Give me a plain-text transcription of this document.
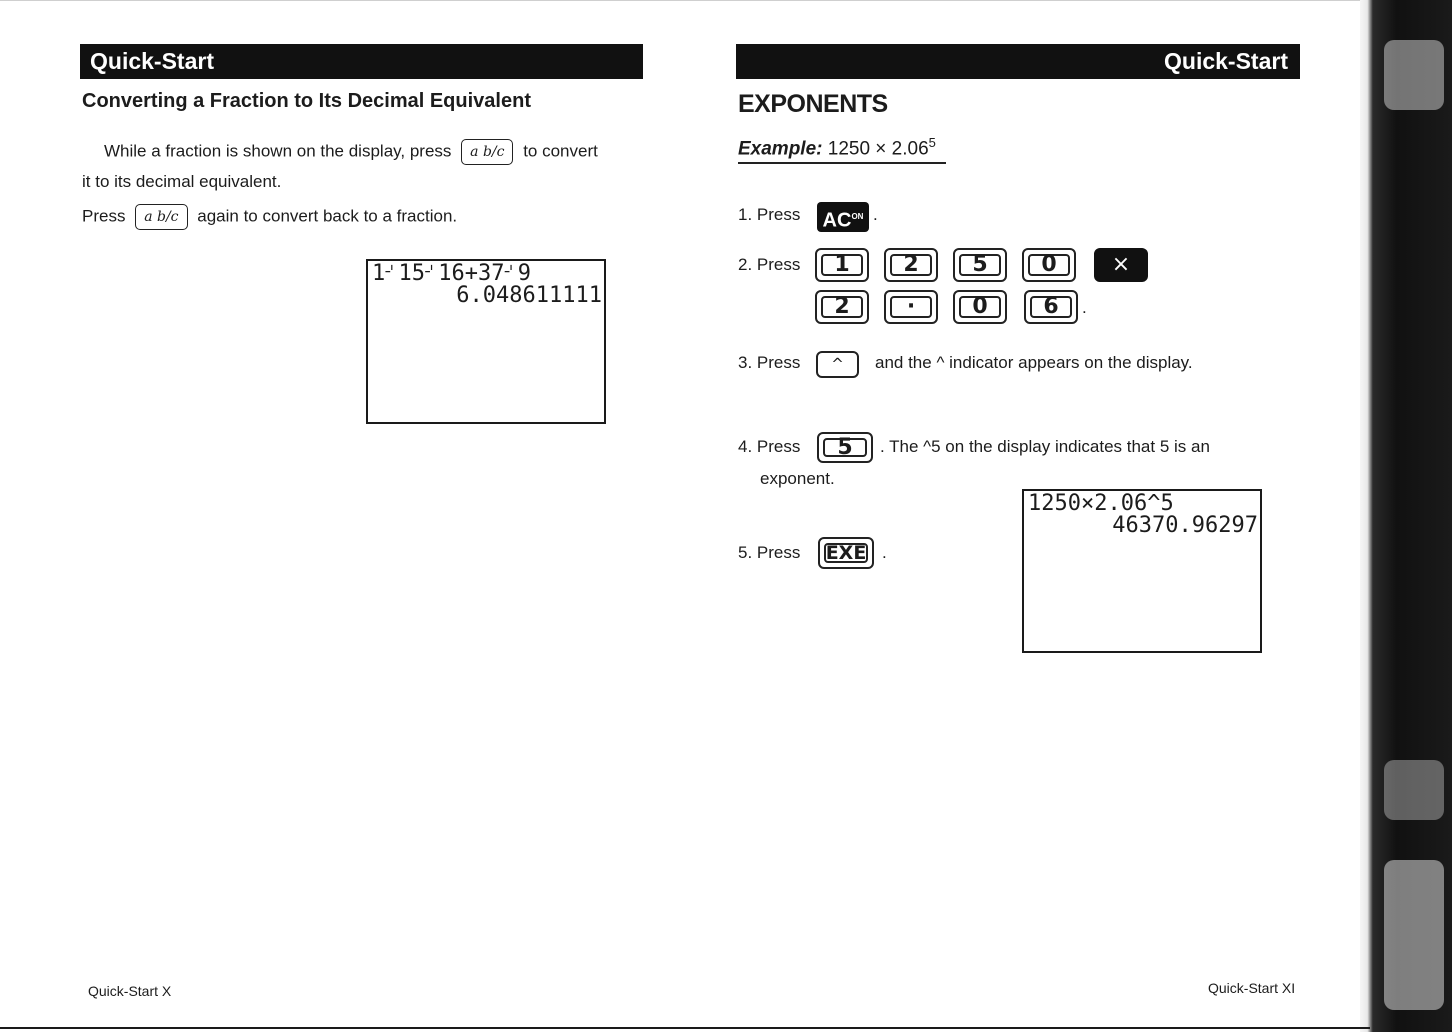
Quick-Start
Converting a Fraction to Its Decimal Equivalent
While a fraction is shown on the display, press a b/c to convert
it to its decimal equivalent.
Press a b/c again to convert back to a fraction.
1⌏15⌏16+37⌏9
6.048611111
Quick-Start X
Quick-Start
EXPONENTS
Example: $1250 \times 2.06^5$
1. Press $AC^{ON}$ .
2. Press	1	2	5	0	×
2	·	0	6	.
3. Press	^	and the ^ indicator appears on the display.
4. Press	5	. The ^5 on the display indicates that 5 is an
exponent.
5. Press	EXE .
1250×2.06^5
46370.96297
Quick-Start XI
